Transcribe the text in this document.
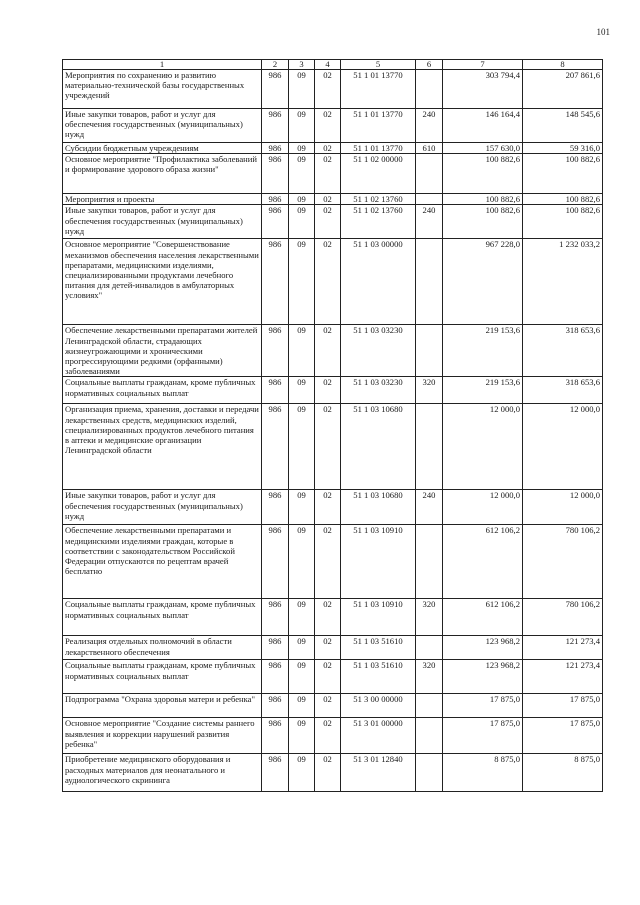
101
1	2	3	4	5	6	7	8
Мероприятия по сохранению и развитию материально-технической базы государственных учреждений	986	09	02	51 1 01 13770		303 794,4	207 861,6
Иные закупки товаров, работ и услуг для обеспечения государственных (муниципальных) нужд	986	09	02	51 1 01 13770	240	146 164,4	148 545,6
Субсидии бюджетным учреждениям	986	09	02	51 1 01 13770	610	157 630,0	59 316,0
Основное мероприятие "Профилактика заболеваний и формирование здорового образа жизни"	986	09	02	51 1 02 00000		100 882,6	100 882,6
Мероприятия и проекты	986	09	02	51 1 02 13760		100 882,6	100 882,6
Иные закупки товаров, работ и услуг для обеспечения государственных (муниципальных) нужд	986	09	02	51 1 02 13760	240	100 882,6	100 882,6
Основное мероприятие "Совершенствование механизмов обеспечения населения лекарственными препаратами, медицинскими изделиями, специализированными продуктами лечебного питания для детей-инвалидов в амбулаторных условиях"	986	09	02	51 1 03 00000		967 228,0	1 232 033,2
Обеспечение лекарственными препаратами жителей Ленинградской области, страдающих жизнеугрожающими и хроническими прогрессирующими редкими (орфанными) заболеваниями	986	09	02	51 1 03 03230		219 153,6	318 653,6
Социальные выплаты гражданам, кроме публичных нормативных социальных выплат	986	09	02	51 1 03 03230	320	219 153,6	318 653,6
Организация приема, хранения, доставки и передачи лекарственных средств, медицинских изделий, специализированных продуктов лечебного питания в аптеки и медицинские организации Ленинградской области	986	09	02	51 1 03 10680		12 000,0	12 000,0
Иные закупки товаров, работ и услуг для обеспечения государственных (муниципальных) нужд	986	09	02	51 1 03 10680	240	12 000,0	12 000,0
Обеспечение лекарственными препаратами и медицинскими изделиями граждан, которые в соответствии с законодательством Российской Федерации отпускаются по рецептам врачей бесплатно	986	09	02	51 1 03 10910		612 106,2	780 106,2
Социальные выплаты гражданам, кроме публичных нормативных социальных выплат	986	09	02	51 1 03 10910	320	612 106,2	780 106,2
Реализация отдельных полномочий в области лекарственного обеспечения	986	09	02	51 1 03 51610		123 968,2	121 273,4
Социальные выплаты гражданам, кроме публичных нормативных социальных выплат	986	09	02	51 1 03 51610	320	123 968,2	121 273,4
Подпрограмма "Охрана здоровья матери и ребенка"	986	09	02	51 3 00 00000		17 875,0	17 875,0
Основное мероприятие "Создание системы раннего выявления и коррекции нарушений развития ребенка"	986	09	02	51 3 01 00000		17 875,0	17 875,0
Приобретение медицинского оборудования и расходных материалов для неонатального и аудиологического скрининга	986	09	02	51 3 01 12840		8 875,0	8 875,0
